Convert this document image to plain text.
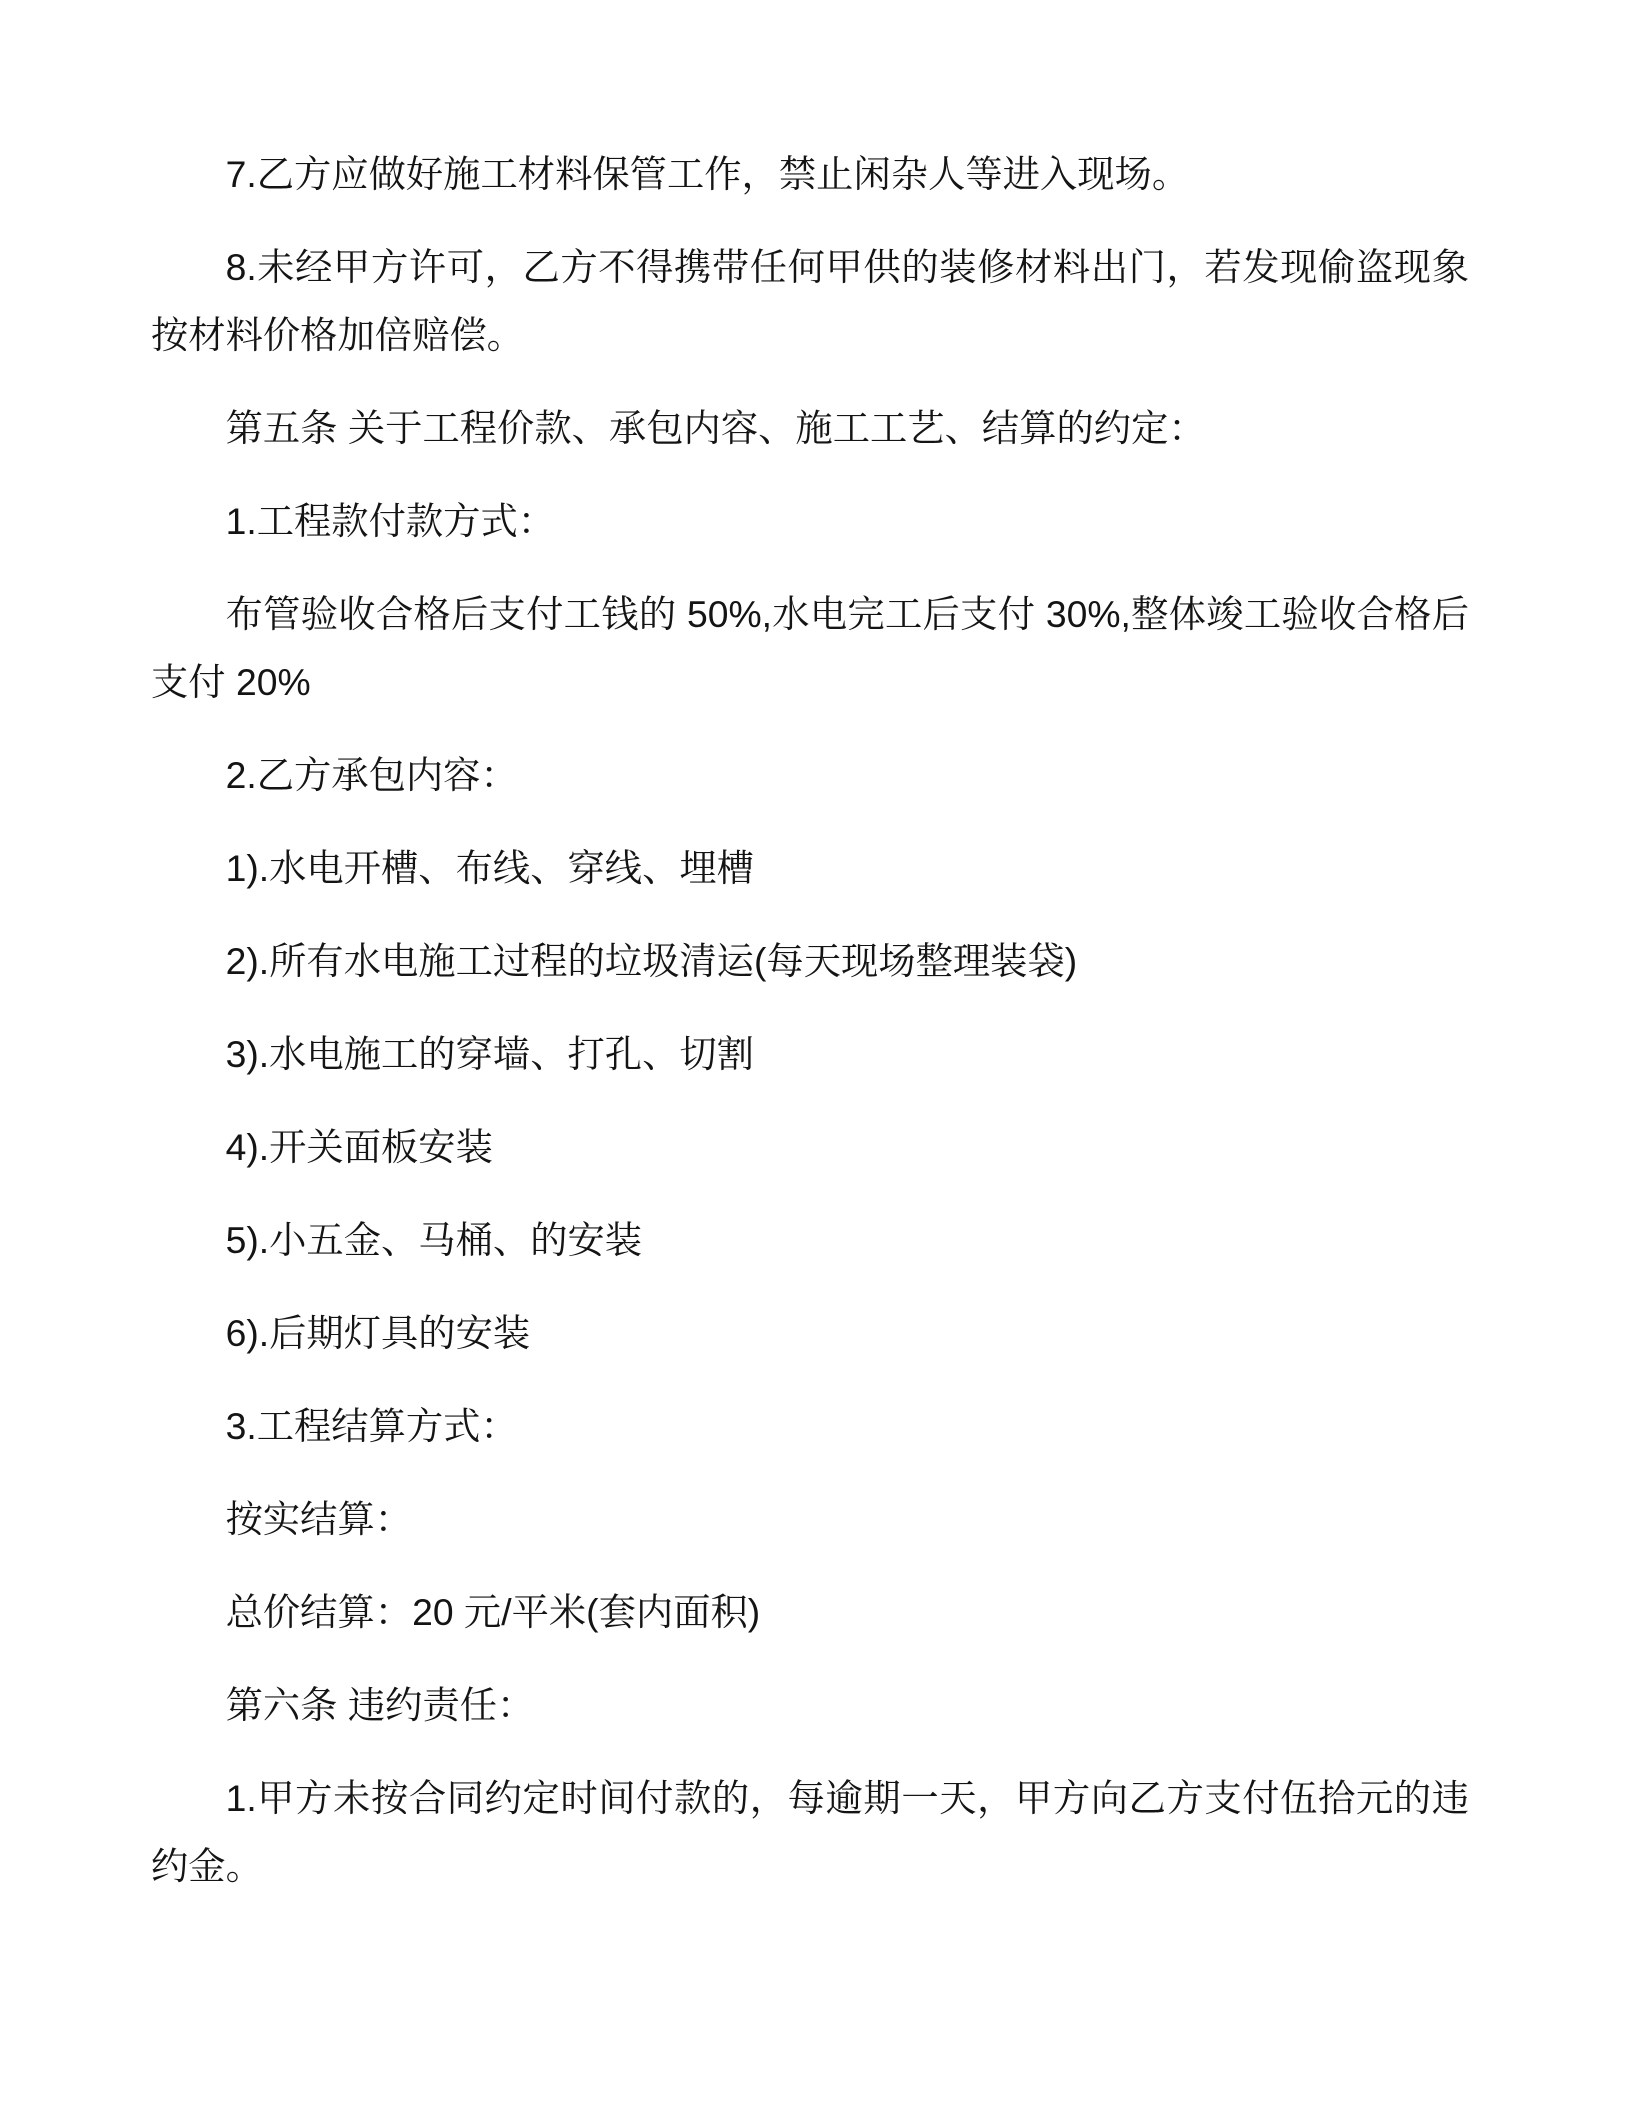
7.乙方应做好施工材料保管工作，禁止闲杂人等进入现场。
8.未经甲方许可，乙方不得携带任何甲供的装修材料出门，若发现偷盗现象
按材料价格加倍赔偿。
第五条 关于工程价款、承包内容、施工工艺、结算的约定：
1.工程款付款方式：
布管验收合格后支付工钱的 50%,水电完工后支付 30%,整体竣工验收合格后
支付 20%
2.乙方承包内容：
1).水电开槽、布线、穿线、埋槽
2).所有水电施工过程的垃圾清运(每天现场整理装袋)
3).水电施工的穿墙、打孔、切割
4).开关面板安装
5).小五金、马桶、的安装
6).后期灯具的安装
3.工程结算方式：
按实结算：
总价结算：20 元/平米(套内面积)
第六条 违约责任：
1.甲方未按合同约定时间付款的，每逾期一天，甲方向乙方支付伍拾元的违
约金。
